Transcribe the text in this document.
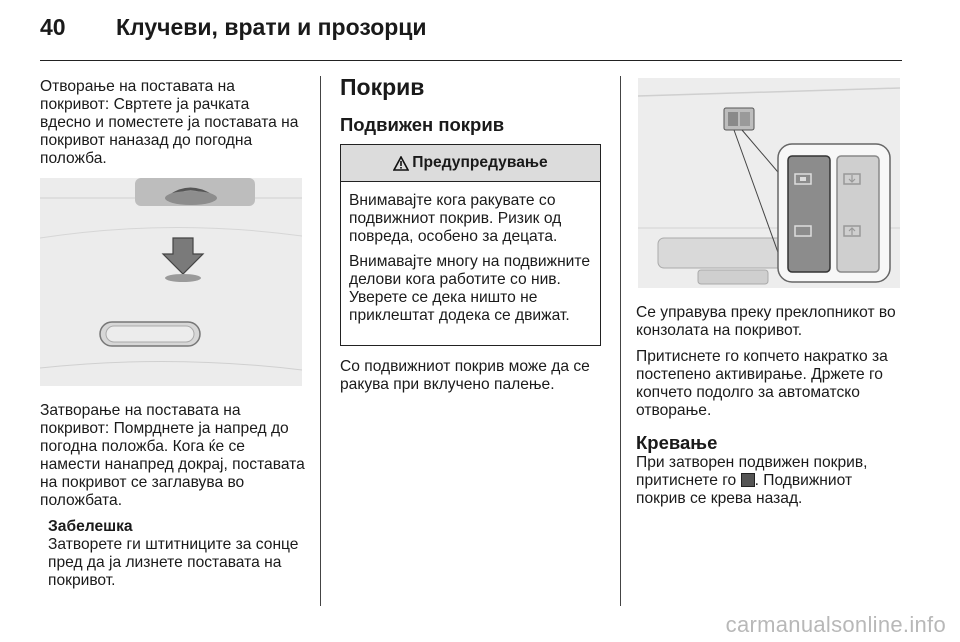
40 Клучеви, врати и прозорци

Отворање на поставата на покривот: Свртете ја рачката вдесно и поместете ја поставата на покривот наназад до погодна положба.

Затворање на поставата на покривот: Помрднете ја напред до погодна положба. Кога ќе се намести нанапред докрај, поставата на покривот се заглавува во положбата.

Забелешка

Затворете ги штитниците за сонце пред да ја лизнете поставата на покривот.

Покрив
Подвижен покрив
Предупредување

Внимавајте кога ракувате со подвижниот покрив. Ризик од повреда, особено за децата.

Внимавајте многу на подвижните делови кога работите со нив. Уверете се дека ништо не приклештат додека се движат.

Со подвижниот покрив може да се ракува при вклучено палење.

Се управува преку преклопникот во конзолата на покривот.

Притиснете го копчето накратко за постепено активирање. Држете го копчето подолго за автоматско отворање.

Кревање

При затворен подвижен покрив, притиснете го . Подвижниот покрив се крева назад.

carmanualsonline.info
